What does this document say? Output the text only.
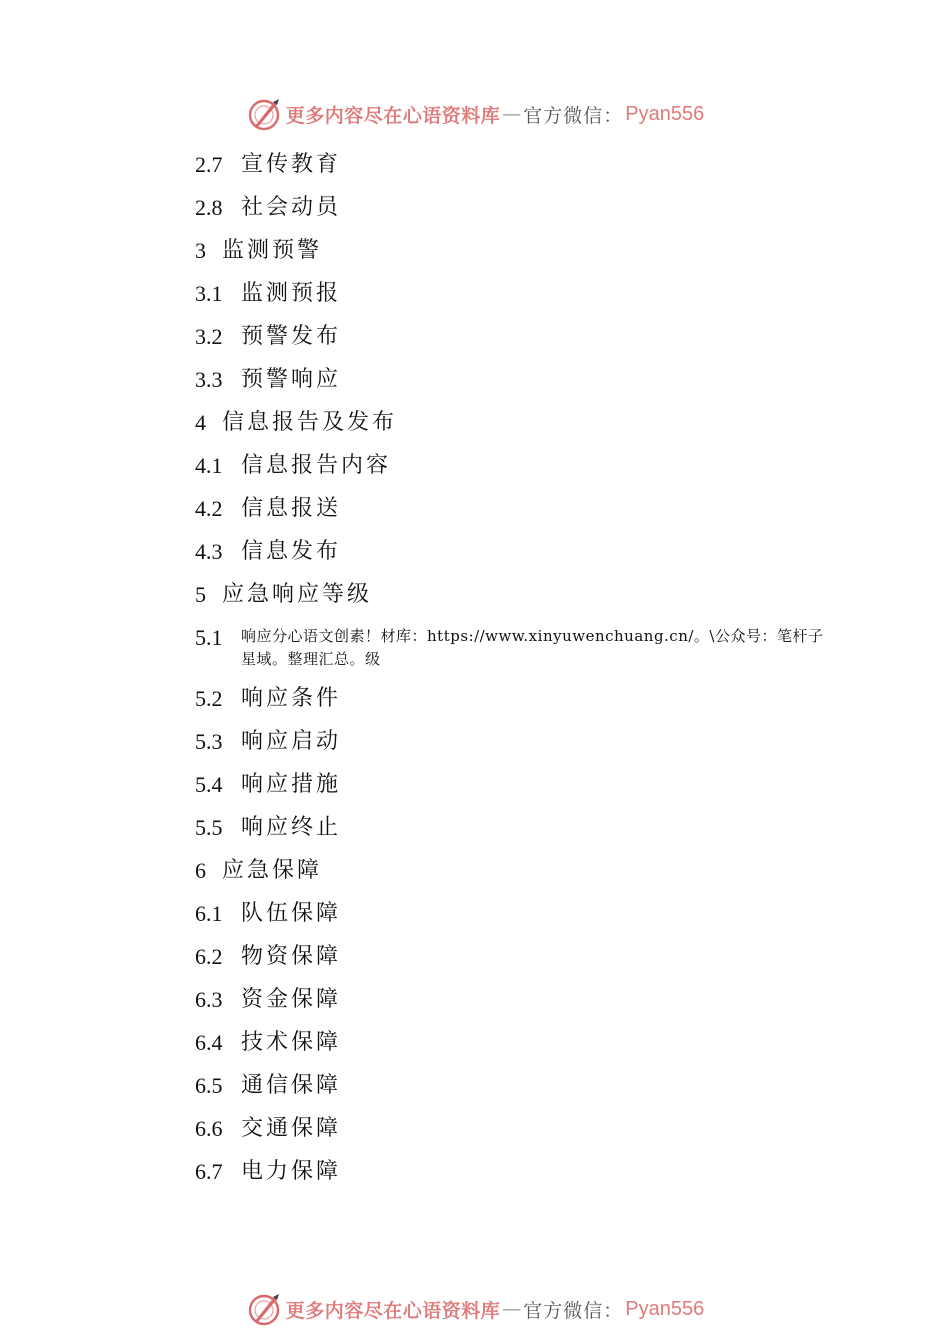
更多内容尽在心语资料库 — 官方微信： Pyan556
2.7 宣传教育
2.8 社会动员
3 监测预警
3.1 监测预报
3.2 预警发布
3.3 预警响应
4 信息报告及发布
4.1 信息报告内容
4.2 信息报送
4.3 信息发布
5 应急响应等级
5.1	响应分心语文创素！材库：https://www.xinyuwenchuang.cn/。\公众号：笔杆子星域。整理汇总。级
5.2 响应条件
5.3 响应启动
5.4 响应措施
5.5 响应终止
6 应急保障
6.1 队伍保障
6.2 物资保障
6.3 资金保障
6.4 技术保障
6.5 通信保障
6.6 交通保障
6.7 电力保障
更多内容尽在心语资料库 — 官方微信： Pyan556
